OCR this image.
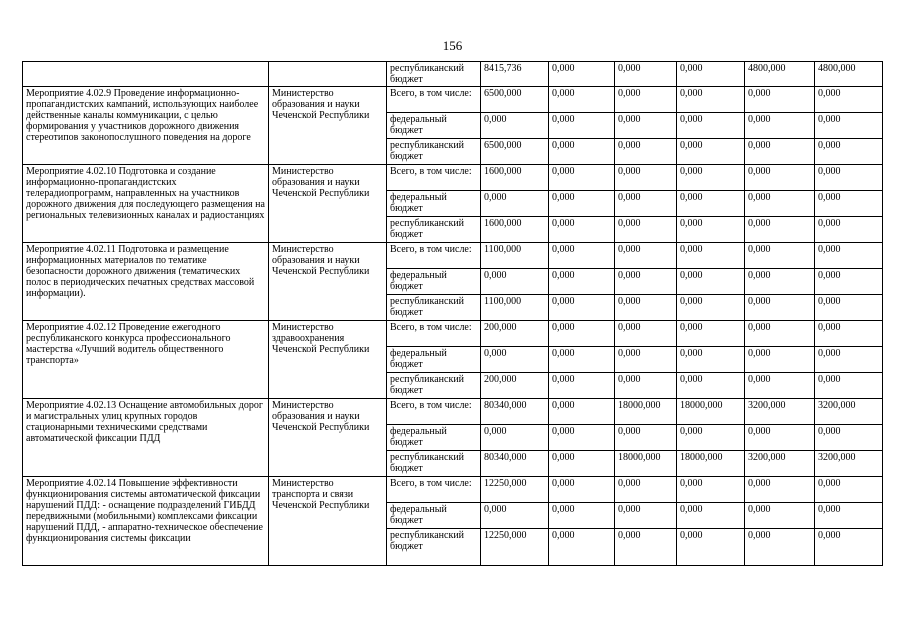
156
		республиканский бюджет	8415,736	0,000	0,000	0,000	4800,000	4800,000
Мероприятие 4.02.9 Проведение информационно-пропагандистских кампаний, использующих наиболее действенные каналы коммуникации, с целью формирования у участников дорожного движения стереотипов законопослушного поведения на дороге	Министерство образования и науки Чеченской Республики	Всего, в том числе:	6500,000	0,000	0,000	0,000	0,000	0,000
		федеральный бюджет	0,000	0,000	0,000	0,000	0,000	0,000
		республиканский бюджет	6500,000	0,000	0,000	0,000	0,000	0,000
Мероприятие 4.02.10 Подготовка и создание информационно-пропагандистских телерадиопрограмм, направленных на участников дорожного движения для последующего размещения на региональных телевизионных каналах и радиостанциях	Министерство образования и науки Чеченской Республики	Всего, в том числе:	1600,000	0,000	0,000	0,000	0,000	0,000
		федеральный бюджет	0,000	0,000	0,000	0,000	0,000	0,000
		республиканский бюджет	1600,000	0,000	0,000	0,000	0,000	0,000
Мероприятие 4.02.11 Подготовка и размещение информационных материалов по тематике безопасности дорожного движения (тематических полос в периодических печатных средствах массовой информации).	Министерство образования и науки Чеченской Республики	Всего, в том числе:	1100,000	0,000	0,000	0,000	0,000	0,000
		федеральный бюджет	0,000	0,000	0,000	0,000	0,000	0,000
		республиканский бюджет	1100,000	0,000	0,000	0,000	0,000	0,000
Мероприятие 4.02.12 Проведение ежегодного республиканского конкурса профессионального мастерства «Лучший водитель общественного транспорта»	Министерство здравоохранения Чеченской Республики	Всего, в том числе:	200,000	0,000	0,000	0,000	0,000	0,000
		федеральный бюджет	0,000	0,000	0,000	0,000	0,000	0,000
		республиканский бюджет	200,000	0,000	0,000	0,000	0,000	0,000
Мероприятие 4.02.13 Оснащение автомобильных дорог и магистральных улиц крупных городов стационарными техническими средствами автоматической фиксации ПДД	Министерство образования и науки Чеченской Республики	Всего, в том числе:	80340,000	0,000	18000,000	18000,000	3200,000	3200,000
		федеральный бюджет	0,000	0,000	0,000	0,000	0,000	0,000
		республиканский бюджет	80340,000	0,000	18000,000	18000,000	3200,000	3200,000
Мероприятие 4.02.14 Повышение эффективности функционирования системы автоматической фиксации нарушений ПДД: - оснащение подразделений ГИБДД передвижными (мобильными) комплексами фиксации нарушений ПДД, - аппаратно-техническое обеспечение функционирования системы фиксации	Министерство транспорта и связи Чеченской Республики	Всего, в том числе:	12250,000	0,000	0,000	0,000	0,000	0,000
		федеральный бюджет	0,000	0,000	0,000	0,000	0,000	0,000
		республиканский бюджет	12250,000	0,000	0,000	0,000	0,000	0,000
